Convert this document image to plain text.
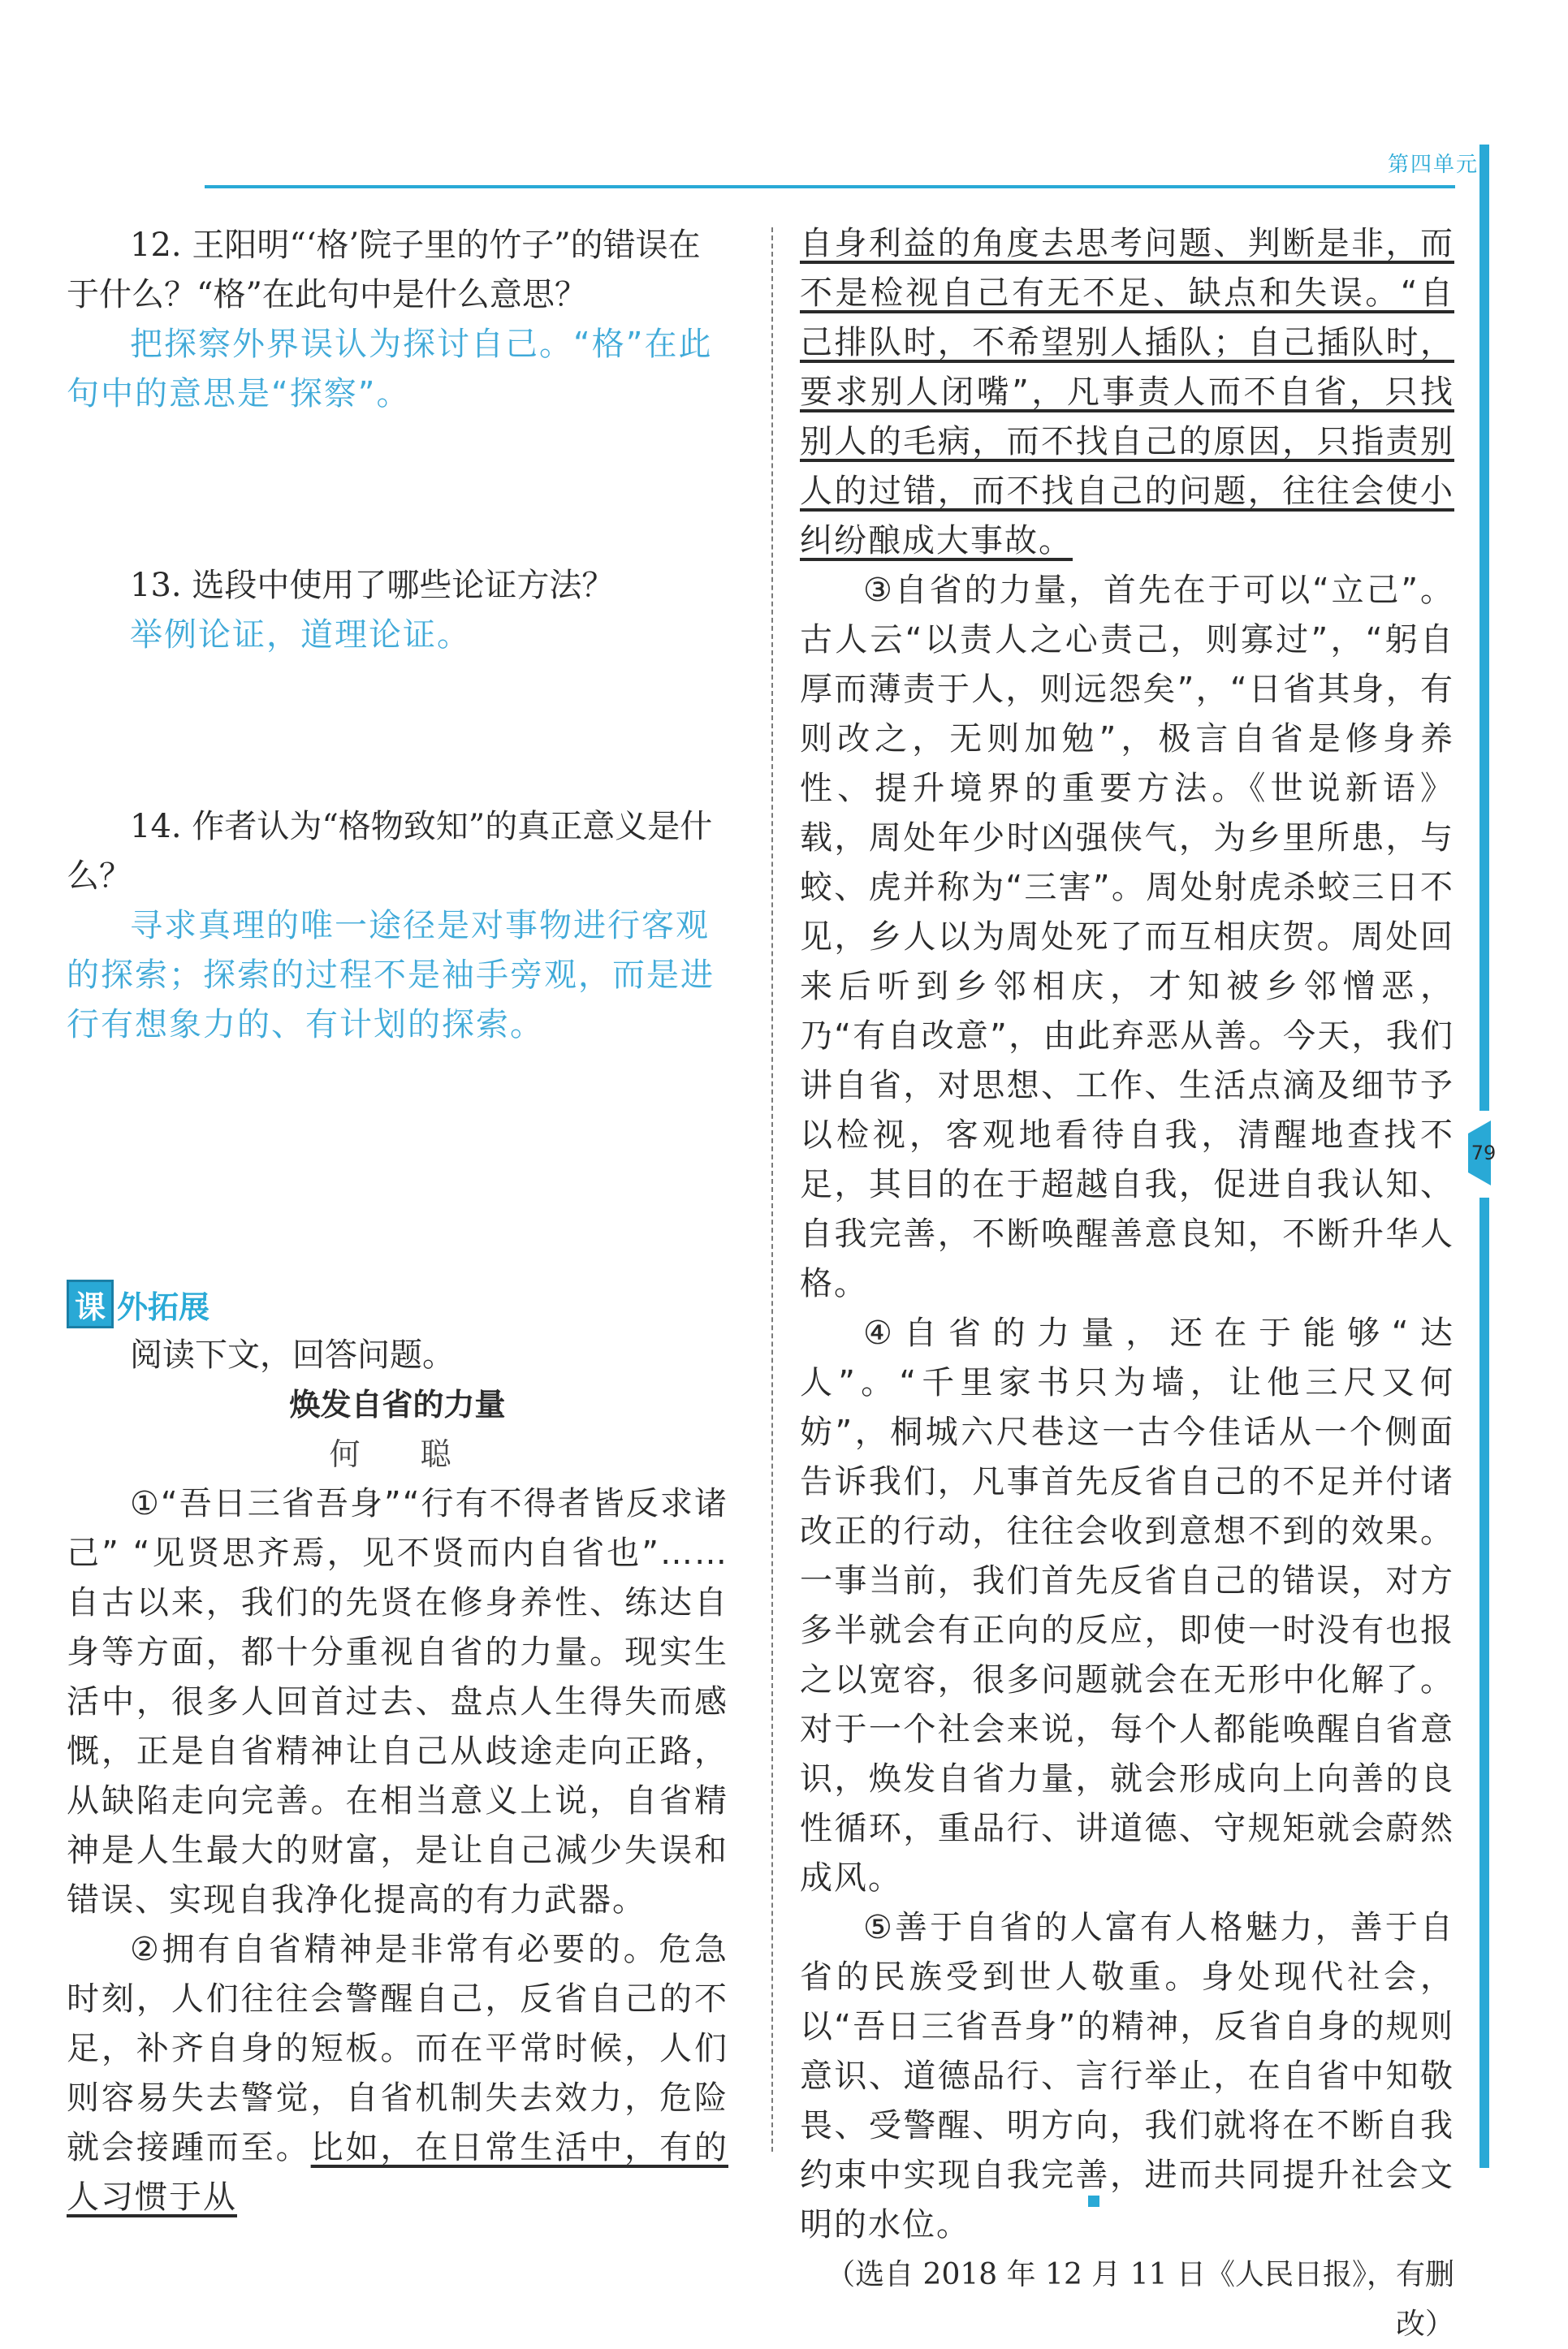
第四单元
79

12. 王阳明“‘格’院子里的竹子”的错误在于什么？“格”在此句中是什么意思？

把探察外界误认为探讨自己。“格”在此句中的意思是“探察”。

13. 选段中使用了哪些论证方法？

举例论证，道理论证。

14. 作者认为“格物致知”的真正意义是什么？

寻求真理的唯一途径是对事物进行客观的探索；探索的过程不是袖手旁观，而是进行有想象力的、有计划的探索。

课 外拓展

阅读下文，回答问题。

焕发自省的力量

何　聪

①“吾日三省吾身”“行有不得者皆反求诸己” “见贤思齐焉，见不贤而内自省也”……自古以来，我们的先贤在修身养性、练达自身等方面，都十分重视自省的力量。现实生活中，很多人回首过去、盘点人生得失而感慨，正是自省精神让自己从歧途走向正路，从缺陷走向完善。在相当意义上说，自省精神是人生最大的财富，是让自己减少失误和错误、实现自我净化提高的有力武器。

②拥有自省精神是非常有必要的。危急时刻，人们往往会警醒自己，反省自己的不足，补齐自身的短板。而在平常时候，人们则容易失去警觉，自省机制失去效力，危险就会接踵而至。比如，在日常生活中，有的人习惯于从

自身利益的角度去思考问题、判断是非，而不是检视自己有无不足、缺点和失误。“自己排队时，不希望别人插队；自己插队时，要求别人闭嘴”，凡事责人而不自省，只找别人的毛病，而不找自己的原因，只指责别人的过错，而不找自己的问题，往往会使小纠纷酿成大事故。

③自省的力量，首先在于可以“立己”。古人云“以责人之心责己，则寡过”，“躬自厚而薄责于人，则远怨矣”，“日省其身，有则改之，无则加勉”，极言自省是修身养性、提升境界的重要方法。《世说新语》载，周处年少时凶强侠气，为乡里所患，与蛟、虎并称为“三害”。周处射虎杀蛟三日不见，乡人以为周处死了而互相庆贺。周处回来后听到乡邻相庆，才知被乡邻憎恶，乃“有自改意”，由此弃恶从善。今天，我们讲自省，对思想、工作、生活点滴及细节予以检视，客观地看待自我，清醒地查找不足，其目的在于超越自我，促进自我认知、自我完善，不断唤醒善意良知，不断升华人格。

④自省的力量，还在于能够“达人”。“千里家书只为墙，让他三尺又何妨”，桐城六尺巷这一古今佳话从一个侧面告诉我们，凡事首先反省自己的不足并付诸改正的行动，往往会收到意想不到的效果。一事当前，我们首先反省自己的错误，对方多半就会有正向的反应，即使一时没有也报之以宽容，很多问题就会在无形中化解了。对于一个社会来说，每个人都能唤醒自省意识，焕发自省力量，就会形成向上向善的良性循环，重品行、讲道德、守规矩就会蔚然成风。

⑤善于自省的人富有人格魅力，善于自省的民族受到世人敬重。身处现代社会，以“吾日三省吾身”的精神，反省自身的规则意识、道德品行、言行举止，在自省中知敬畏、受警醒、明方向，我们就将在不断自我约束中实现自我完善，进而共同提升社会文明的水位。

（选自 2018 年 12 月 11 日《人民日报》，有删改）
